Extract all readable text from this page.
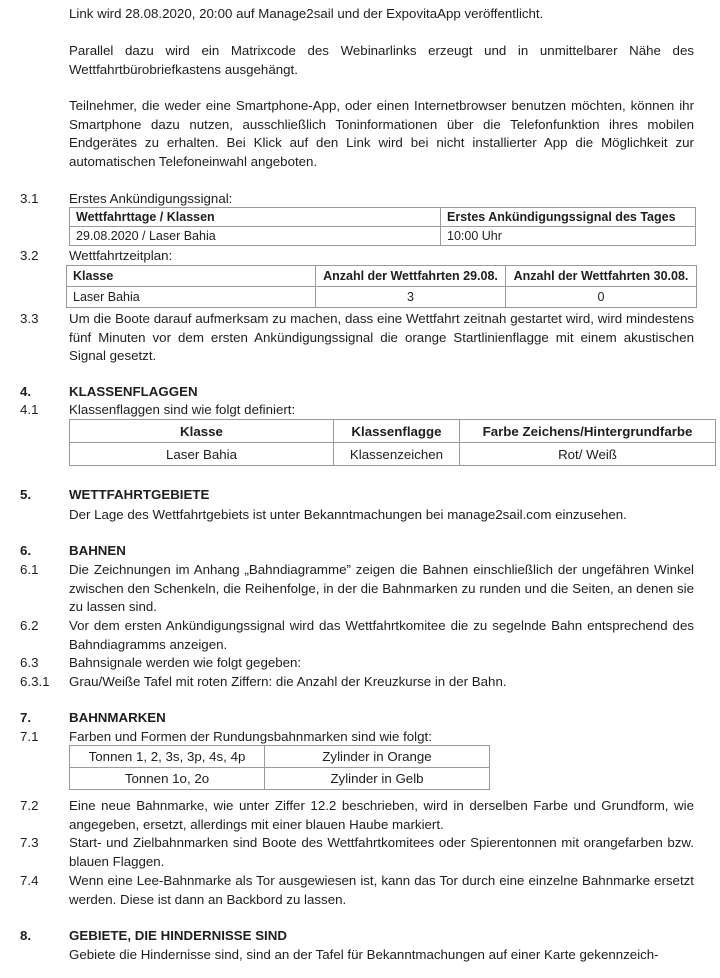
Link wird 28.08.2020, 20:00 auf Manage2sail und der ExpovitaApp veröffentlicht.

Parallel dazu wird ein Matrixcode des Webinarlinks erzeugt und in unmittelbarer Nähe des Wettfahrtbürobriefkastens ausgehängt.

Teilnehmer, die weder eine Smartphone-App, oder einen Internetbrowser benutzen möchten, können ihr Smartphone dazu nutzen, ausschließlich Toninformationen über die Telefonfunktion ihres mobilen Endgerätes zu erhalten. Bei Klick auf den Link wird bei nicht installierter App die Möglichkeit zur automatischen Telefoneinwahl angeboten.

3.1 Erstes Ankündigungssignal:
Wettfahrttage / Klassen	Erstes Ankündigungssignal des Tages
29.08.2020 / Laser Bahia	10:00 Uhr
3.2 Wettfahrtzeitplan:
Klasse	Anzahl der Wettfahrten 29.08.	Anzahl der Wettfahrten 30.08.
Laser Bahia	3	0
3.3 Um die Boote darauf aufmerksam zu machen, dass eine Wettfahrt zeitnah gestartet wird, wird mindestens fünf Minuten vor dem ersten Ankündigungssignal die orange Startlinienflagge mit einem akustischen Signal gesetzt.

4.	KLASSENFLAGGEN
4.1 Klassenflaggen sind wie folgt definiert:
Klasse	Klassenflagge	Farbe Zeichens/Hintergrundfarbe
Laser Bahia	Klassenzeichen	Rot/ Weiß
5.	WETTFAHRTGEBIETE

Der Lage des Wettfahrtgebiets ist unter Bekanntmachungen bei manage2sail.com einzusehen.

6.	BAHNEN
6.1 Die Zeichnungen im Anhang „Bahndiagramme” zeigen die Bahnen einschließlich der ungefähren Winkel zwischen den Schenkeln, die Reihenfolge, in der die Bahnmarken zu runden und die Seiten, an denen sie zu lassen sind.

6.2 Vor dem ersten Ankündigungssignal wird das Wettfahrtkomitee die zu segelnde Bahn entsprechend des Bahndiagramms anzeigen.

6.3 Bahnsignale werden wie folgt gegeben:

6.3.1 Grau/Weiße Tafel mit roten Ziffern: die Anzahl der Kreuzkurse in der Bahn.

7.	BAHNMARKEN
7.1 Farben und Formen der Rundungsbahnmarken sind wie folgt:
Tonnen 1, 2, 3s, 3p, 4s, 4p	Zylinder in Orange
Tonnen 1o, 2o	Zylinder in Gelb
7.2 Eine neue Bahnmarke, wie unter Ziffer 12.2 beschrieben, wird in derselben Farbe und Grundform, wie angegeben, ersetzt, allerdings mit einer blauen Haube markiert.

7.3 Start- und Zielbahnmarken sind Boote des Wettfahrtkomitees oder Spierentonnen mit orangefarben bzw. blauen Flaggen.

7.4 Wenn eine Lee-Bahnmarke als Tor ausgewiesen ist, kann das Tor durch eine einzelne Bahnmarke ersetzt werden. Diese ist dann an Backbord zu lassen.

8.	GEBIETE, DIE HINDERNISSE SIND

Gebiete die Hindernisse sind, sind an der Tafel für Bekanntmachungen auf einer Karte gekennzeich-
